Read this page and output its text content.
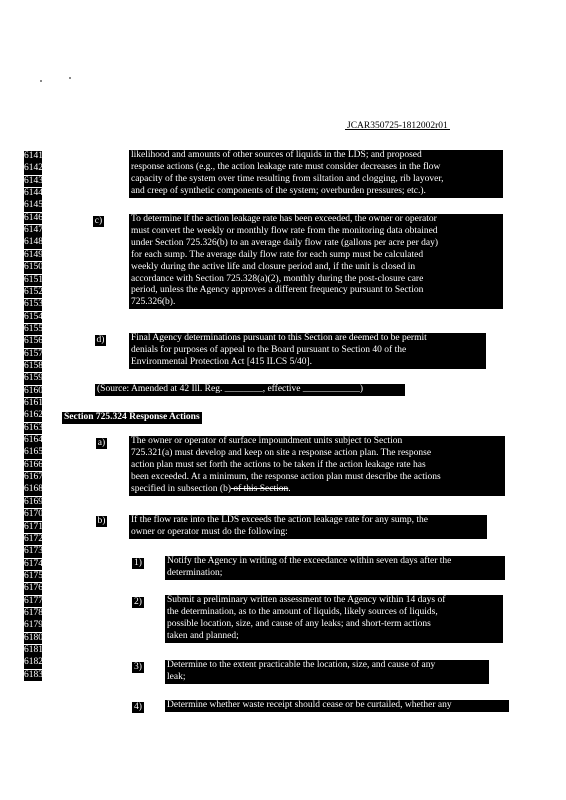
JCAR350725-1812002r01
6141
6142
6143
6144
6145
6146
6147
6148
6149
6150
6151
6152
6153
6154
6155
6156
6157
6158
6159
6160
6161
6162
6163
6164
6165
6166
6167
6168
6169
6170
6171
6172
6173
6174
6175
6176
6177
6178
6179
6180
6181
6182
6183
likelihood and amounts of other sources of liquids in the LDS; and proposed
response actions (e.g., the action leakage rate must consider decreases in the flow
capacity of the system over time resulting from siltation and clogging, rib layover,
and creep of synthetic components of the system; overburden pressures; etc.).
c)	To determine if the action leakage rate has been exceeded, the owner or operator
must convert the weekly or monthly flow rate from the monitoring data obtained
under Section 725.326(b) to an average daily flow rate (gallons per acre per day)
for each sump. The average daily flow rate for each sump must be calculated
weekly during the active life and closure period and, if the unit is closed in
accordance with Section 725.328(a)(2), monthly during the post-closure care
period, unless the Agency approves a different frequency pursuant to Section
725.326(b).
d)	Final Agency determinations pursuant to this Section are deemed to be permit
denials for purposes of appeal to the Board pursuant to Section 40 of the
Environmental Protection Act [415 ILCS 5/40].
(Source: Amended at 42 Ill. Reg. ________, effective ____________)
Section 725.324 Response Actions
a)	The owner or operator of surface impoundment units subject to Section
725.321(a) must develop and keep on site a response action plan. The response
action plan must set forth the actions to be taken if the action leakage rate has
been exceeded. At a minimum, the response action plan must describe the actions
specified in subsection (b) of this Section.
b)	If the flow rate into the LDS exceeds the action leakage rate for any sump, the
owner or operator must do the following:
1)	Notify the Agency in writing of the exceedance within seven days after the
determination;
2)	Submit a preliminary written assessment to the Agency within 14 days of
the determination, as to the amount of liquids, likely sources of liquids,
possible location, size, and cause of any leaks; and short-term actions
taken and planned;
3)	Determine to the extent practicable the location, size, and cause of any
leak;
4)	Determine whether waste receipt should cease or be curtailed, whether any
